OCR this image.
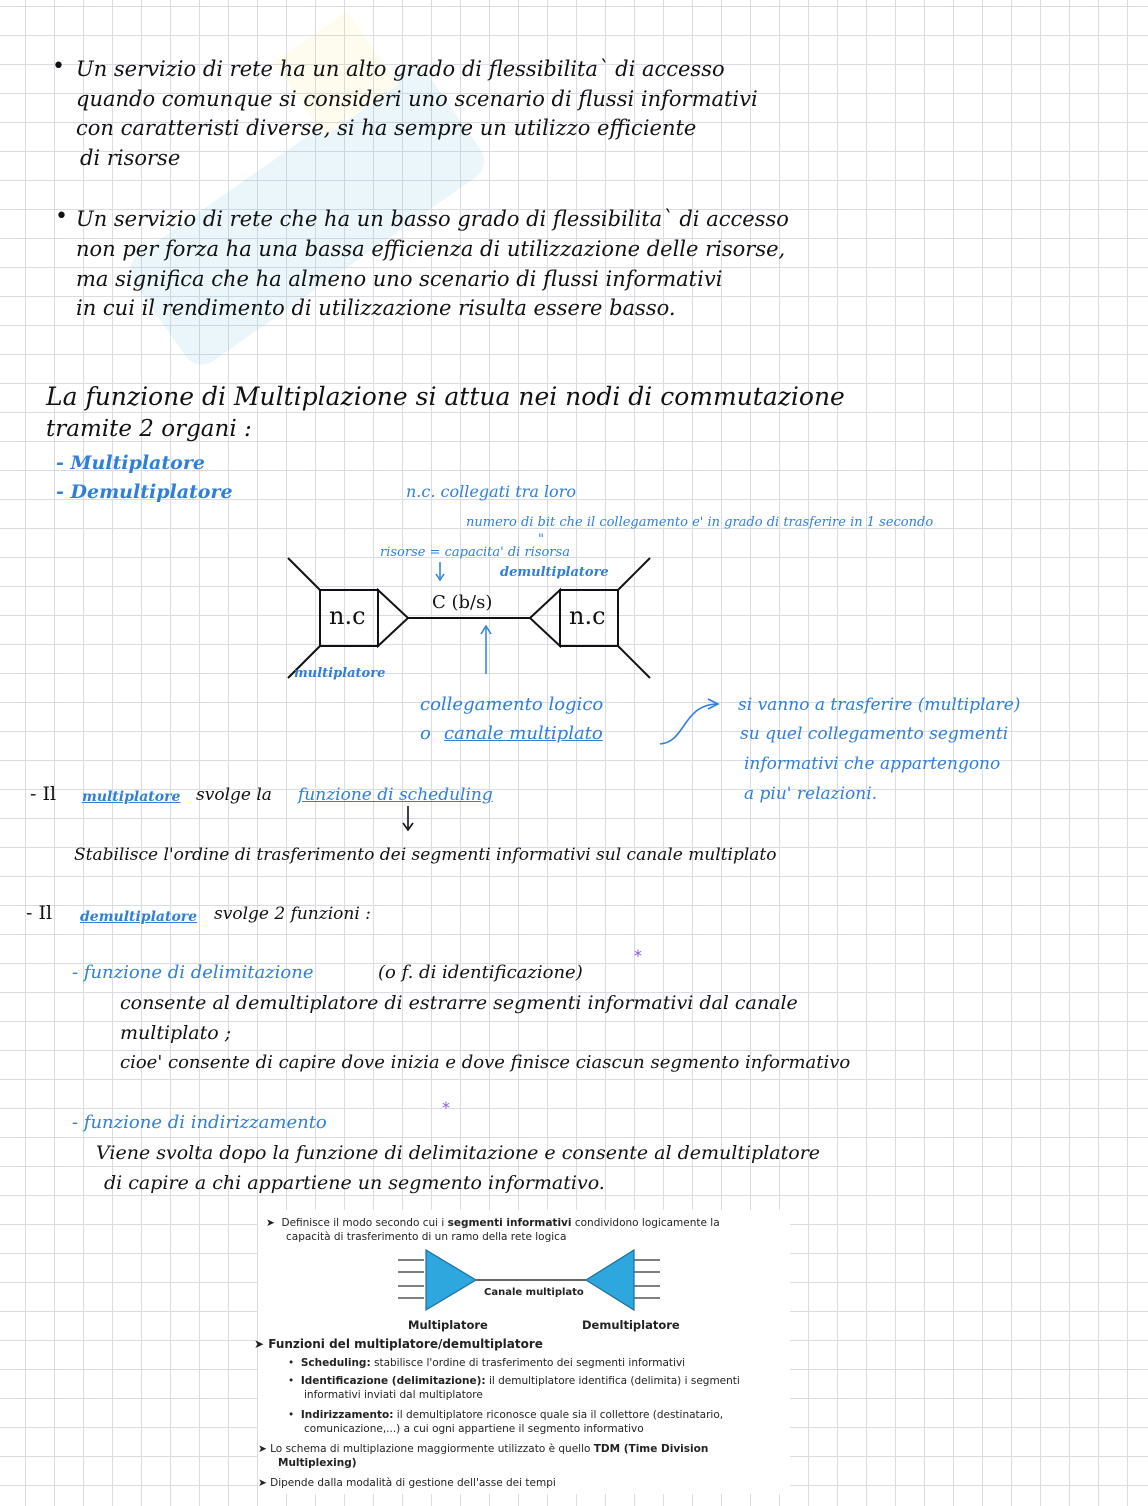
• Un servizio di rete ha un alto grado di flessibilita` di accesso
quando comunque si consideri uno scenario di flussi informativi
con caratteristi diverse, si ha sempre un utilizzo efficiente
di risorse
• Un servizio di rete che ha un basso grado di flessibilita` di accesso
non per forza ha una bassa efficienza di utilizzazione delle risorse,
ma significa che ha almeno uno scenario di flussi informativi
in cui il rendimento di utilizzazione risulta essere basso.
La funzione di Multiplazione si attua nei nodi di commutazione
tramite 2 organi :
- Multiplatore
- Demultiplatore	n.c. collegati tra loro
numero di bit che il collegamento e' in grado di trasferire in 1 secondo
"
risorse = capacita' di risorsa
demultiplatore
C (b/s)
n.c	n.c
multiplatore
collegamento logico
o canale multiplato
si vanno a trasferire (multiplare)
su quel collegamento segmenti
informativi che appartengono
a piu' relazioni.
- Il multiplatore svolge la funzione di scheduling
Stabilisce l'ordine di trasferimento dei segmenti informativi sul canale multiplato
- Il demultiplatore svolge 2 funzioni :
- funzione di delimitazione	(o f. di identificazione)
*
consente al demultiplatore di estrarre segmenti informativi dal canale
multiplato ;
cioe' consente di capire dove inizia e dove finisce ciascun segmento informativo
- funzione di indirizzamento
*
Viene svolta dopo la funzione di delimitazione e consente al demultiplatore
di capire a chi appartiene un segmento informativo.
➤  Definisce il modo secondo cui i segmenti informativi condividono logicamente la
capacità di trasferimento di un ramo della rete logica
Canale multiplato
Multiplatore	Demultiplatore
➤ Funzioni del multiplatore/demultiplatore
•  Scheduling: stabilisce l'ordine di trasferimento dei segmenti informativi
•  Identificazione (delimitazione): il demultiplatore identifica (delimita) i segmenti
informativi inviati dal multiplatore
•  Indirizzamento: il demultiplatore riconosce quale sia il collettore (destinatario,
comunicazione,...) a cui ogni appartiene il segmento informativo
➤ Lo schema di multiplazione maggiormente utilizzato è quello TDM (Time Division
Multiplexing)
➤ Dipende dalla modalità di gestione dell'asse dei tempi
